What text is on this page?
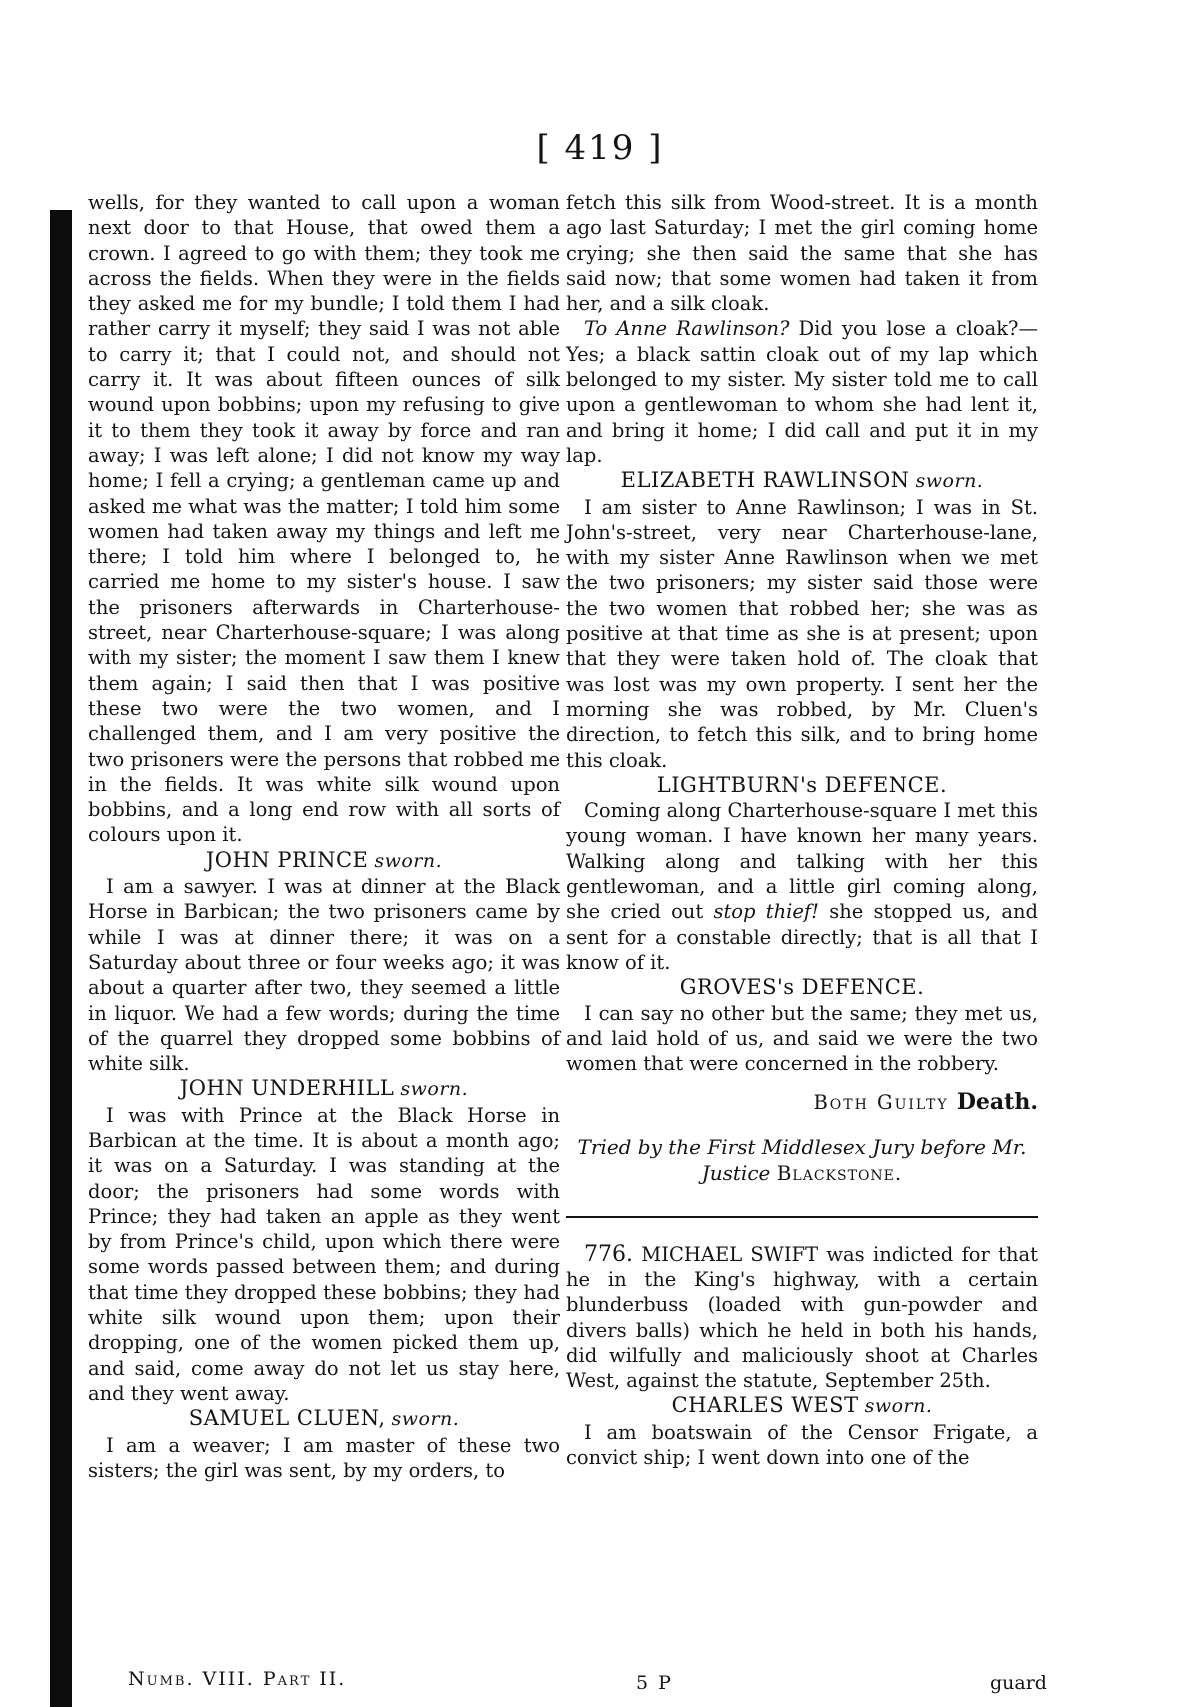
[ 419 ]

wells, for they wanted to call upon a woman next door to that House, that owed them a crown. I agreed to go with them; they took me across the fields. When they were in the fields they asked me for my bundle; I told them I had rather carry it myself; they said I was not able to carry it; that I could not, and should not carry it. It was about fifteen ounces of silk wound upon bobbins; upon my refusing to give it to them they took it away by force and ran away; I was left alone; I did not know my way home; I fell a crying; a gentleman came up and asked me what was the matter; I told him some women had taken away my things and left me there; I told him where I belonged to, he carried me home to my sister's house. I saw the prisoners afterwards in Charterhouse-street, near Charterhouse-square; I was along with my sister; the moment I saw them I knew them again; I said then that I was positive these two were the two women, and I challenged them, and I am very positive the two prisoners were the persons that robbed me in the fields. It was white silk wound upon bobbins, and a long end row with all sorts of colours upon it.

JOHN PRINCE sworn.

I am a sawyer. I was at dinner at the Black Horse in Barbican; the two prisoners came by while I was at dinner there; it was on a Saturday about three or four weeks ago; it was about a quarter after two, they seemed a little in liquor. We had a few words; during the time of the quarrel they dropped some bobbins of white silk.

JOHN UNDERHILL sworn.

I was with Prince at the Black Horse in Barbican at the time. It is about a month ago; it was on a Saturday. I was standing at the door; the prisoners had some words with Prince; they had taken an apple as they went by from Prince's child, upon which there were some words passed between them; and during that time they dropped these bobbins; they had white silk wound upon them; upon their dropping, one of the women picked them up, and said, come away do not let us stay here, and they went away.

SAMUEL CLUEN, sworn.

I am a weaver; I am master of these two sisters; the girl was sent, by my orders, to

fetch this silk from Wood-street. It is a month ago last Saturday; I met the girl coming home crying; she then said the same that she has said now; that some women had taken it from her, and a silk cloak.

To Anne Rawlinson? Did you lose a cloak?—Yes; a black sattin cloak out of my lap which belonged to my sister. My sister told me to call upon a gentlewoman to whom she had lent it, and bring it home; I did call and put it in my lap.

ELIZABETH RAWLINSON sworn.

I am sister to Anne Rawlinson; I was in St. John's-street, very near Charterhouse-lane, with my sister Anne Rawlinson when we met the two prisoners; my sister said those were the two women that robbed her; she was as positive at that time as she is at present; upon that they were taken hold of. The cloak that was lost was my own property. I sent her the morning she was robbed, by Mr. Cluen's direction, to fetch this silk, and to bring home this cloak.

LIGHTBURN's DEFENCE.

Coming along Charterhouse-square I met this young woman. I have known her many years. Walking along and talking with her this gentlewoman, and a little girl coming along, she cried out stop thief! she stopped us, and sent for a constable directly; that is all that I know of it.

GROVES's DEFENCE.

I can say no other but the same; they met us, and laid hold of us, and said we were the two women that were concerned in the robbery.

Both Guilty Death.
Tried by the First Middlesex Jury before Mr.
Justice Blackstone.

776. MICHAEL SWIFT was indicted for that he in the King's highway, with a certain blunderbuss (loaded with gun-powder and divers balls) which he held in both his hands, did wilfully and maliciously shoot at Charles West, against the statute, September 25th.

CHARLES WEST sworn.

I am boatswain of the Censor Frigate, a convict ship; I went down into one of the

Numb. VIII. Part II.	5 P	guard
